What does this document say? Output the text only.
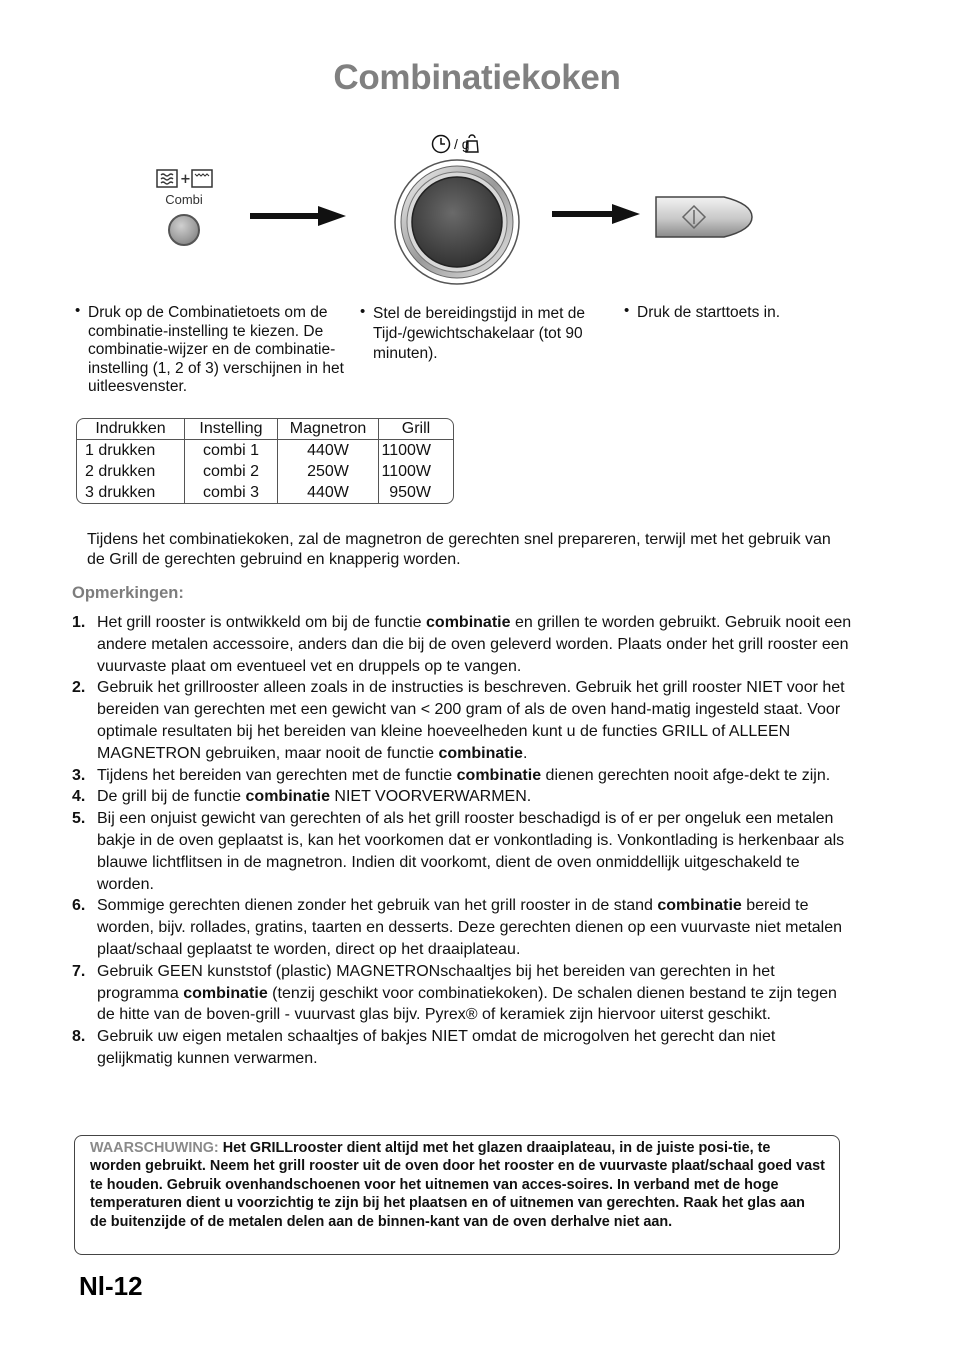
Combinatiekoken
+
Combi
/ g
• Druk op de Combinatietoets om de combinatie-instelling te kiezen. De combinatie-wijzer en de combinatie-instelling (1, 2 of 3) verschijnen in het uitleesvenster.
• Stel de bereidingstijd in met de Tijd-/gewichtschakelaar (tot 90 minuten).
• Druk de starttoets in.
Indrukken	Instelling	Magnetron	Grill
1 drukken	combi 1	440W	1100W
2 drukken	combi 2	250W	1100W
3 drukken	combi 3	440W	950W
Tijdens het combinatiekoken, zal de magnetron de gerechten snel prepareren, terwijl met het gebruik van de Grill de gerechten gebruind en knapperig worden.
Opmerkingen:
1. Het grill rooster is ontwikkeld om bij de functie combinatie en grillen te worden gebruikt. Gebruik nooit een andere metalen accessoire, anders dan die bij de oven geleverd worden. Plaats onder het grill rooster een vuurvaste plaat om eventueel vet en druppels op te vangen.
2. Gebruik het grillrooster alleen zoals in de instructies is beschreven. Gebruik het grill rooster NIET voor het bereiden van gerechten met een gewicht van < 200 gram of als de oven hand-matig ingesteld staat. Voor optimale resultaten bij het bereiden van kleine hoeveelheden kunt u de functies GRILL of ALLEEN MAGNETRON gebruiken, maar nooit de functie combinatie.
3. Tijdens het bereiden van gerechten met de functie combinatie dienen gerechten nooit afge-dekt te zijn.
4. De grill bij de functie combinatie NIET VOORVERWARMEN.
5. Bij een onjuist gewicht van gerechten of als het grill rooster beschadigd is of er per ongeluk een metalen bakje in de oven geplaatst is, kan het voorkomen dat er vonkontlading is. Vonkontlading is herkenbaar als blauwe lichtflitsen in de magnetron. Indien dit voorkomt, dient de oven onmiddellijk uitgeschakeld te worden.
6. Sommige gerechten dienen zonder het gebruik van het grill rooster in de stand combinatie bereid te worden, bijv. rollades, gratins, taarten en desserts. Deze gerechten dienen op een vuurvaste niet metalen plaat/schaal geplaatst te worden, direct op het draaiplateau.
7. Gebruik GEEN kunststof (plastic) MAGNETRONschaaltjes bij het bereiden van gerechten in het programma combinatie (tenzij geschikt voor combinatiekoken). De schalen dienen bestand te zijn tegen de hitte van de boven-grill - vuurvast glas bijv. Pyrex® of keramiek zijn hiervoor uiterst geschikt.
8. Gebruik uw eigen metalen schaaltjes of bakjes NIET omdat de microgolven het gerecht dan niet gelijkmatig kunnen verwarmen.
WAARSCHUWING: Het GRILLrooster dient altijd met het glazen draaiplateau, in de juiste posi-tie, te worden gebruikt. Neem het grill rooster uit de oven door het rooster en de vuurvaste plaat/schaal goed vast te houden. Gebruik ovenhandschoenen voor het uitnemen van acces-soires. In verband met de hoge temperaturen dient u voorzichtig te zijn bij het plaatsen en of uitnemen van gerechten. Raak het glas aan de buitenzijde of de metalen delen aan de binnen-kant van de oven derhalve niet aan.
Nl-12
